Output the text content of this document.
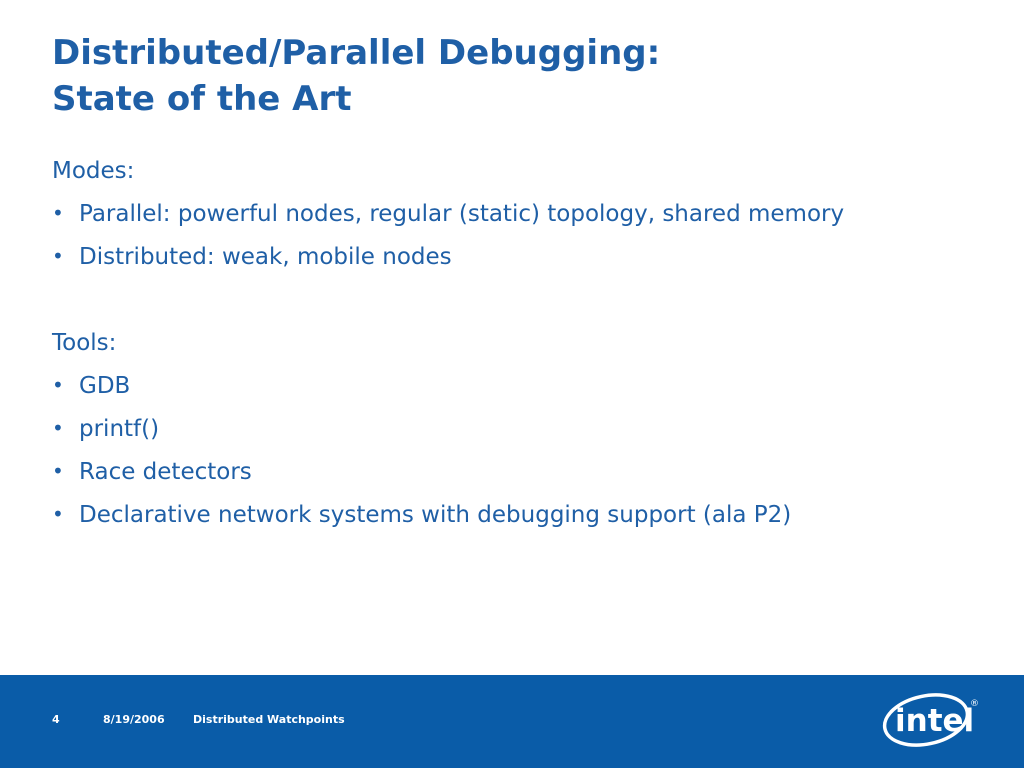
Distributed/Parallel Debugging:
State of the Art
Modes:
• Parallel: powerful nodes, regular (static) topology, shared memory
• Distributed: weak, mobile nodes
Tools:
• GDB
• printf()
• Race detectors
• Declarative network systems with debugging support (ala P2)
4	8/19/2006	Distributed Watchpoints	intel
®
